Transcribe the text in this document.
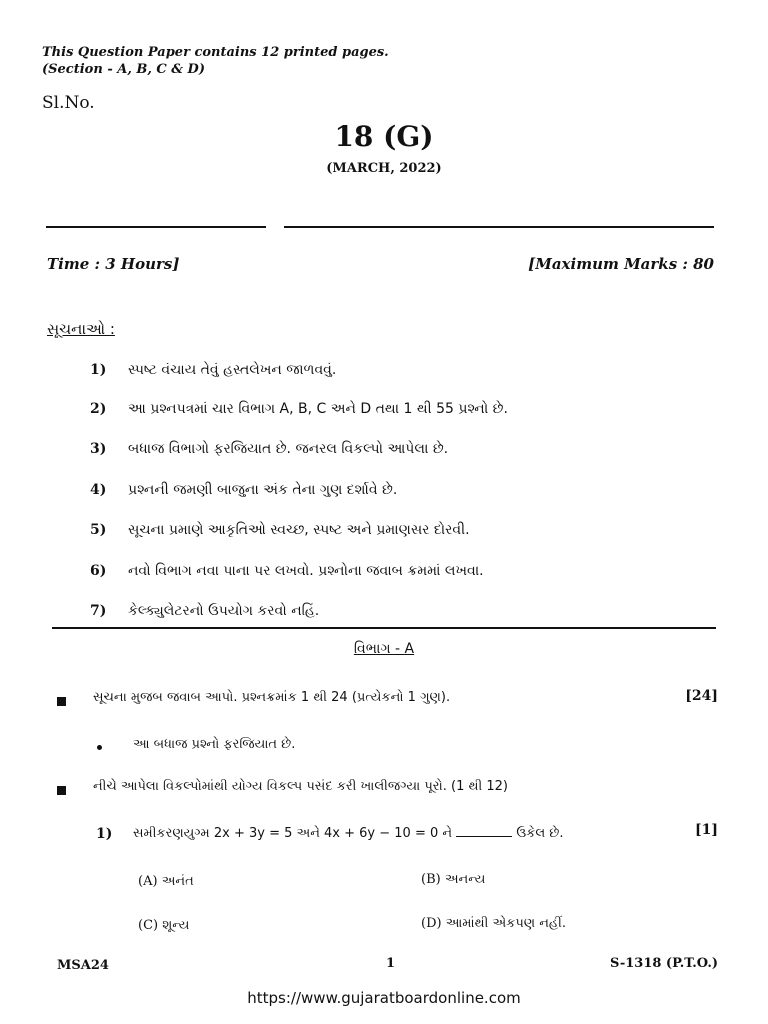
This Question Paper contains 12 printed pages.
(Section - A, B, C & D)
Sl.No.
18 (G)
(MARCH, 2022)
Time : 3 Hours]	[Maximum Marks : 80
સૂચનાઓ :
1) સ્પષ્ટ વંચાય તેવું હસ્તલેખન જાળવવું.
2) આ પ્રશ્નપત્રમાં ચાર વિભાગ A, B, C અને D તથા 1 થી 55 પ્રશ્નો છે.
3) બધાજ વિભાગો ફરજિયાત છે. જનરલ વિકલ્પો આપેલા છે.
4) પ્રશ્નની જમણી બાજુના અંક તેના ગુણ દર્શાવે છે.
5) સૂચના પ્રમાણે આકૃતિઓ સ્વચ્છ, સ્પષ્ટ અને પ્રમાણસર દોરવી.
6) નવો વિભાગ નવા પાના પર લખવો. પ્રશ્નોના જવાબ ક્રમમાં લખવા.
7) કેલ્ક્યુલેટરનો ઉપયોગ કરવો નહિં.
વિભાગ - A
સૂચના મુજબ જવાબ આપો. પ્રશ્નક્રમાંક 1 થી 24 (પ્રત્યેકનો 1 ગુણ).	[24]
આ બધાજ પ્રશ્નો ફરજિયાત છે.
નીચે આપેલા વિકલ્પોમાંથી યોગ્ય વિકલ્પ પસંદ કરી ખાલીજગ્યા પૂરો. (1 થી 12)
1) સમીકરણયુગ્મ 2x + 3y = 5 અને 4x + 6y − 10 = 0 ને	ઉકેલ છે.	[1]
(A) અનંત	(B) અનન્ય
(C) શૂન્ય	(D) આમાંથી એકપણ નહીં.
MSA24	1	S-1318 (P.T.O.)
https://www.gujaratboardonline.com
